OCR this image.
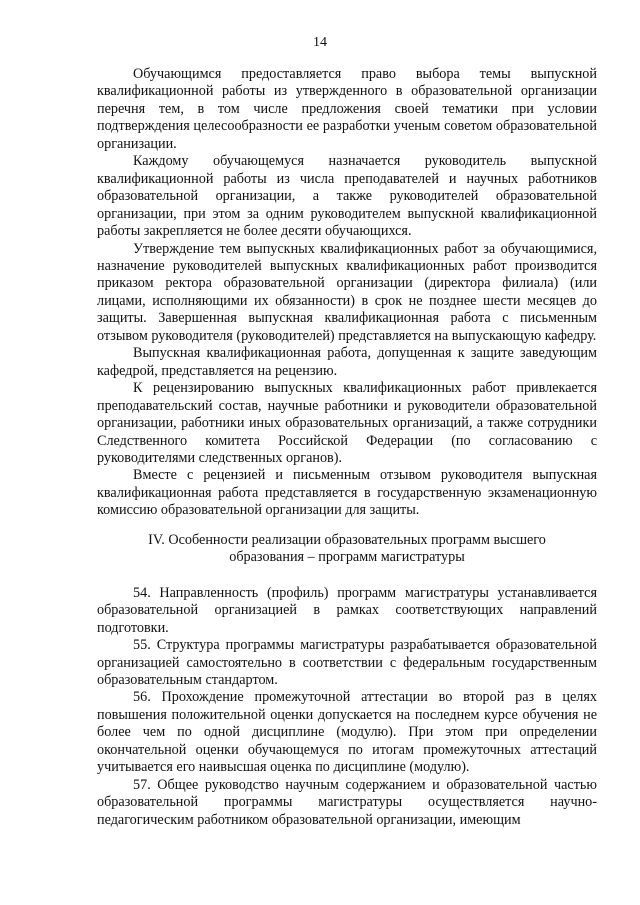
14

Обучающимся предоставляется право выбора темы выпускной квалификационной работы из утвержденного в образовательной организации перечня тем, в том числе предложения своей тематики при условии подтверждения целесообразности ее разработки ученым советом образовательной организации.

Каждому обучающемуся назначается руководитель выпускной квалификационной работы из числа преподавателей и научных работников образовательной организации, а также руководителей образовательной организации, при этом за одним руководителем выпускной квалификационной работы закрепляется не более десяти обучающихся.

Утверждение тем выпускных квалификационных работ за обучающимися, назначение руководителей выпускных квалификационных работ производится приказом ректора образовательной организации (директора филиала) (или лицами, исполняющими их обязанности) в срок не позднее шести месяцев до защиты. Завершенная выпускная квалификационная работа с письменным отзывом руководителя (руководителей) представляется на выпускающую кафедру.

Выпускная квалификационная работа, допущенная к защите заведующим кафедрой, представляется на рецензию.

К рецензированию выпускных квалификационных работ привлекается преподавательский состав, научные работники и руководители образовательной организации, работники иных образовательных организаций, а также сотрудники Следственного комитета Российской Федерации (по согласованию с руководителями следственных органов).

Вместе с рецензией и письменным отзывом руководителя выпускная квалификационная работа представляется в государственную экзаменационную комиссию образовательной организации для защиты.

IV. Особенности реализации образовательных программ высшего образования – программ магистратуры

54. Направленность (профиль) программ магистратуры устанавливается образовательной организацией в рамках соответствующих направлений подготовки.

55. Структура программы магистратуры разрабатывается образовательной организацией самостоятельно в соответствии с федеральным государственным образовательным стандартом.

56. Прохождение промежуточной аттестации во второй раз в целях повышения положительной оценки допускается на последнем курсе обучения не более чем по одной дисциплине (модулю). При этом при определении окончательной оценки обучающемуся по итогам промежуточных аттестаций учитывается его наивысшая оценка по дисциплине (модулю).

57. Общее руководство научным содержанием и образовательной частью образовательной программы магистратуры осуществляется научно-педагогическим работником образовательной организации, имеющим
